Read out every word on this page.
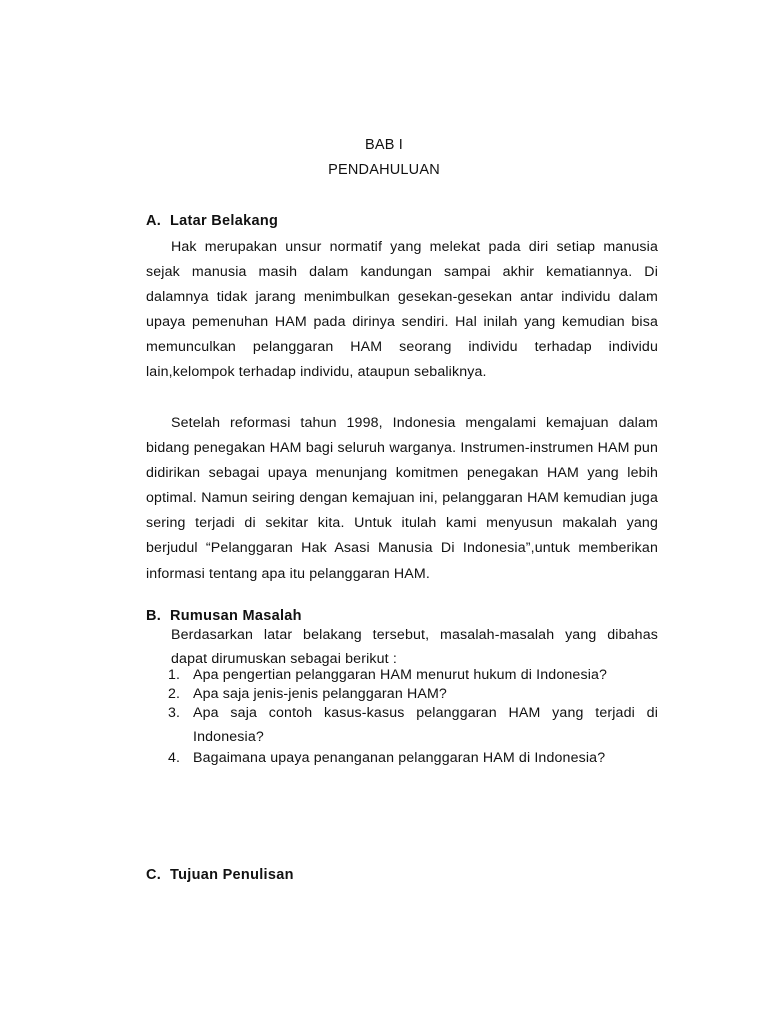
BAB I
PENDAHULUAN
A. Latar Belakang

Hak merupakan unsur normatif yang melekat pada diri setiap manusia sejak manusia masih dalam kandungan sampai akhir kematiannya. Di dalamnya tidak jarang menimbulkan gesekan-gesekan antar individu dalam upaya pemenuhan HAM pada dirinya sendiri. Hal inilah yang kemudian bisa memunculkan pelanggaran HAM seorang individu terhadap individu lain,kelompok terhadap individu, ataupun sebaliknya.

Setelah reformasi tahun 1998, Indonesia mengalami kemajuan dalam bidang penegakan HAM bagi seluruh warganya. Instrumen-instrumen HAM pun didirikan sebagai upaya menunjang komitmen penegakan HAM yang lebih optimal. Namun seiring dengan kemajuan ini, pelanggaran HAM kemudian juga sering terjadi di sekitar kita. Untuk itulah kami menyusun makalah yang berjudul “Pelanggaran Hak Asasi Manusia Di Indonesia”,untuk memberikan informasi tentang apa itu pelanggaran HAM.

B. Rumusan Masalah

Berdasarkan latar belakang tersebut, masalah-masalah yang dibahas dapat dirumuskan sebagai berikut :

1. Apa pengertian pelanggaran HAM menurut hukum di Indonesia?
2. Apa saja jenis-jenis pelanggaran HAM?
3. Apa saja contoh kasus-kasus pelanggaran HAM yang terjadi di Indonesia?
4. Bagaimana upaya penanganan pelanggaran HAM di Indonesia?
C. Tujuan Penulisan
